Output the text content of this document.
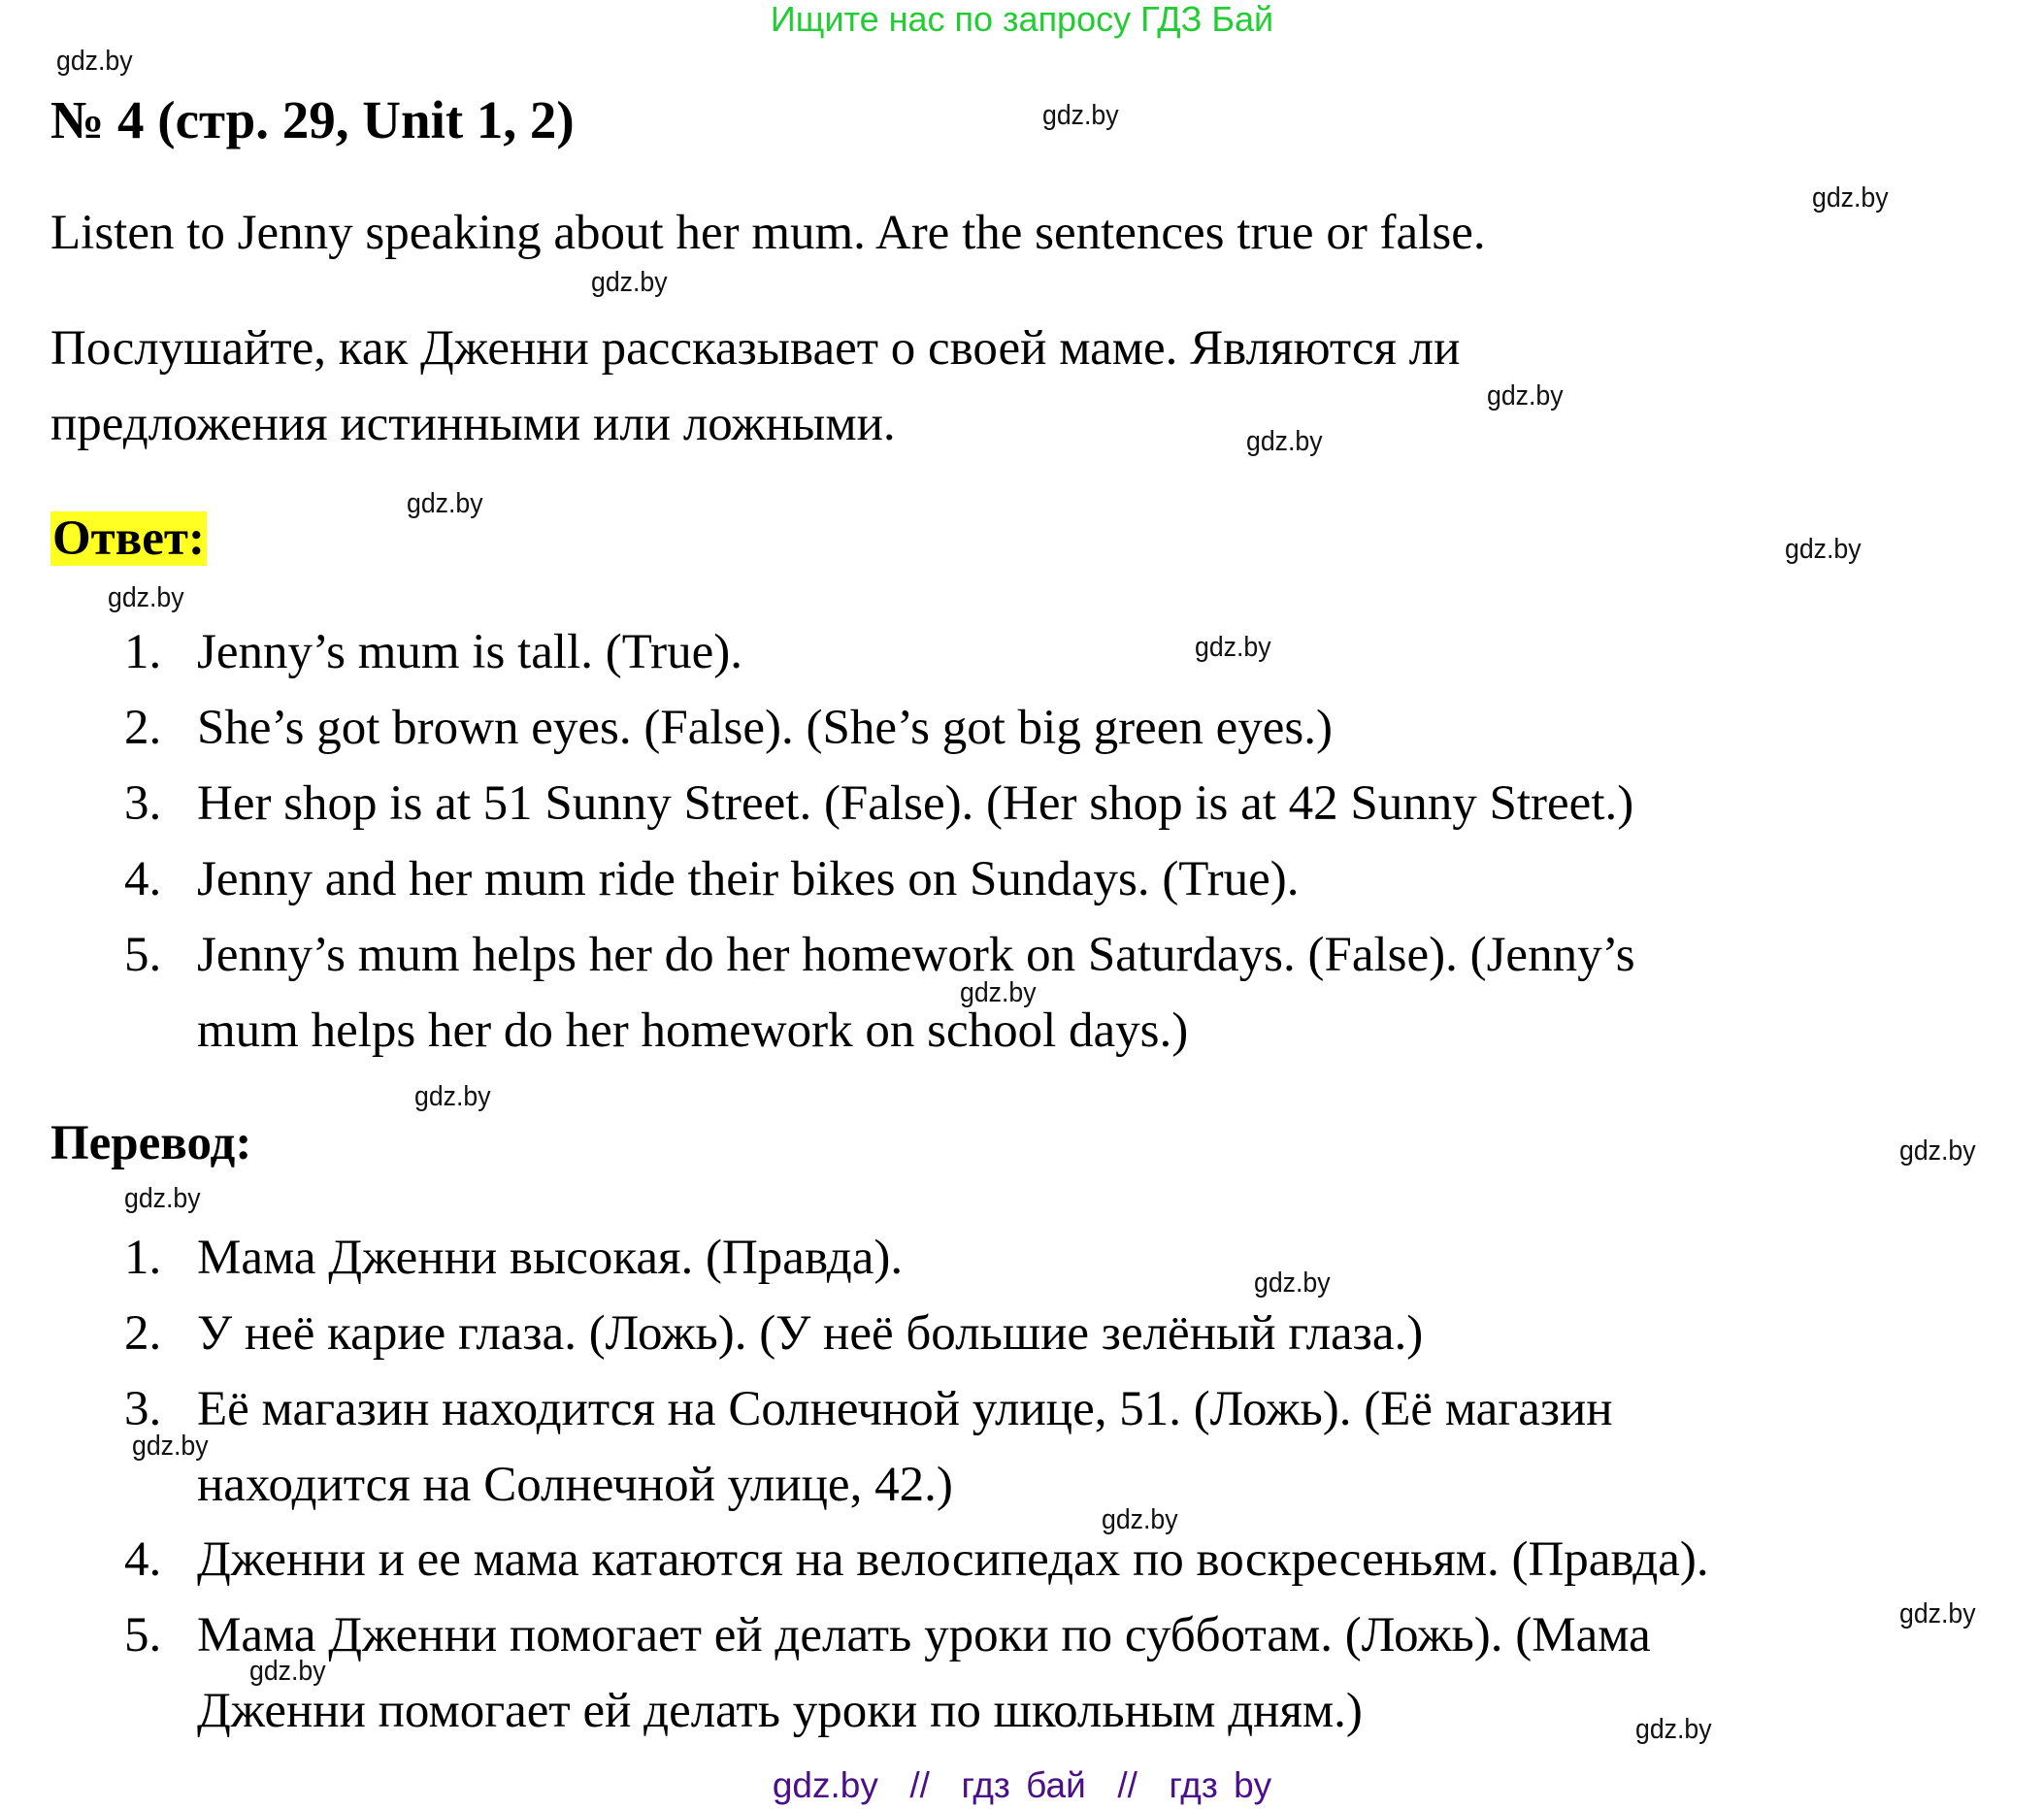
Ищите нас по запросу ГДЗ Бай
gdz.by
gdz.by
gdz.by
gdz.by
gdz.by
gdz.by
gdz.by
gdz.by
gdz.by
gdz.by
gdz.by
gdz.by
gdz.by
gdz.by
gdz.by
gdz.by
gdz.by
gdz.by
gdz.by
gdz.by
№ 4 (стр. 29, Unit 1, 2)
Listen to Jenny speaking about her mum. Are the sentences true or false.
Послушайте, как Дженни рассказывает о своей маме. Являются ли
предложения истинными или ложными.
Ответ:
1. Jenny’s mum is tall. (True).
2. She’s got brown eyes. (False). (She’s got big green eyes.)
3. Her shop is at 51 Sunny Street. (False). (Her shop is at 42 Sunny Street.)
4. Jenny and her mum ride their bikes on Sundays. (True).
5. Jenny’s mum helps her do her homework on Saturdays. (False). (Jenny’s
mum helps her do her homework on school days.)
Перевод:
1. Мама Дженни высокая. (Правда).
2. У неё карие глаза. (Ложь). (У неё большие зелёный глаза.)
3. Её магазин находится на Солнечной улице, 51. (Ложь). (Её магазин
находится на Солнечной улице, 42.)
4. Дженни и ее мама катаются на велосипедах по воскресеньям. (Правда).
5. Мама Дженни помогает ей делать уроки по субботам. (Ложь). (Мама
Дженни помогает ей делать уроки по школьным дням.)
gdz.by  //  гдз бай  //  гдз by
